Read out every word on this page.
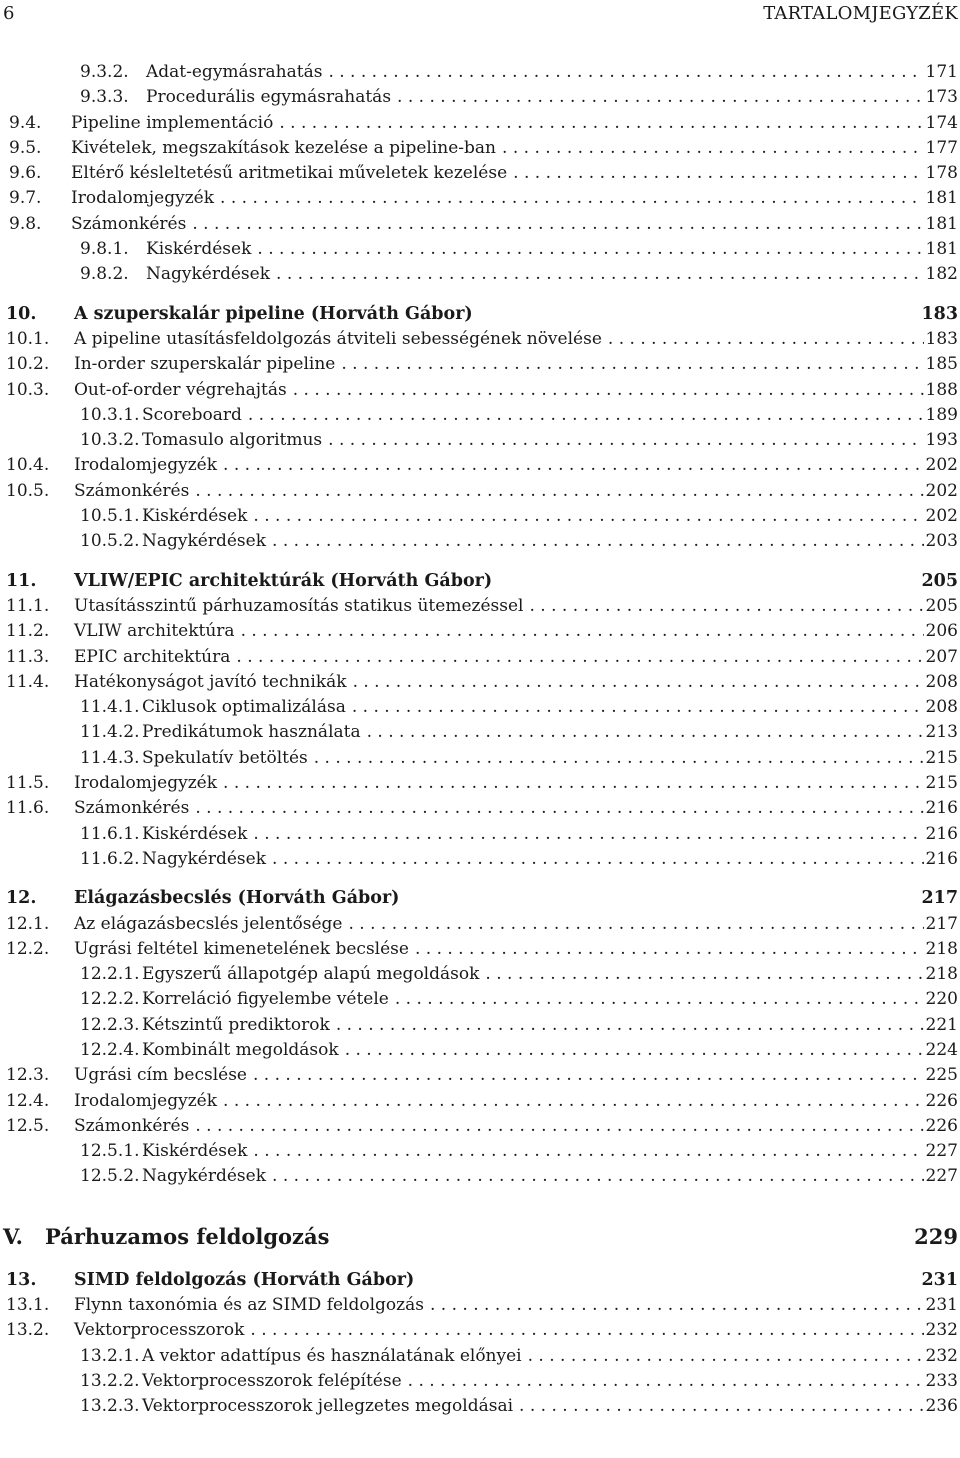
6	TARTALOMJEGYZÉK
9.3.2.	Adat-egymásrahatás . . .	171
9.3.3.	Procedurális egymásrahatás . . .	173
9.4.	Pipeline implementáció . . .	174
9.5.	Kivételek, megszakítások kezelése a pipeline-ban . . .	177
9.6.	Eltérő késleltetésű aritmetikai műveletek kezelése . . .	178
9.7.	Irodalomjegyzék . . .	181
9.8.	Számonkérés . . .	181
9.8.1.	Kiskérdések . . .	181
9.8.2.	Nagykérdések . . .	182
10.	A szuperskalár pipeline (Horváth Gábor)	183
10.1.	A pipeline utasításfeldolgozás átviteli sebességének növelése . . .	183
10.2.	In-order szuperskalár pipeline . . .	185
10.3.	Out-of-order végrehajtás . . .	188
10.3.1. Scoreboard . . .	189
10.3.2. Tomasulo algoritmus . . .	193
10.4.	Irodalomjegyzék . . .	202
10.5.	Számonkérés . . .	202
10.5.1. Kiskérdések . . .	202
10.5.2. Nagykérdések . . .	203
11.	VLIW/EPIC architektúrák (Horváth Gábor)	205
11.1.	Utasításszintű párhuzamosítás statikus ütemezéssel . . .	205
11.2.	VLIW architektúra . . .	206
11.3.	EPIC architektúra . . .	207
11.4.	Hatékonyságot javító technikák . . .	208
11.4.1. Ciklusok optimalizálása . . .	208
11.4.2. Predikátumok használata . . .	213
11.4.3. Spekulatív betöltés . . .	215
11.5.	Irodalomjegyzék . . .	215
11.6.	Számonkérés . . .	216
11.6.1. Kiskérdések . . .	216
11.6.2. Nagykérdések . . .	216
12.	Elágazásbecslés (Horváth Gábor)	217
12.1.	Az elágazásbecslés jelentősége . . .	217
12.2.	Ugrási feltétel kimenetelének becslése . . .	218
12.2.1. Egyszerű állapotgép alapú megoldások . . .	218
12.2.2. Korreláció figyelembe vétele . . .	220
12.2.3. Kétszintű prediktorok . . .	221
12.2.4. Kombinált megoldások . . .	224
12.3.	Ugrási cím becslése . . .	225
12.4.	Irodalomjegyzék . . .	226
12.5.	Számonkérés . . .	226
12.5.1. Kiskérdések . . .	227
12.5.2. Nagykérdések . . .	227
V.	Párhuzamos feldolgozás	229
13.	SIMD feldolgozás (Horváth Gábor)	231
13.1.	Flynn taxonómia és az SIMD feldolgozás . . .	231
13.2.	Vektorprocesszorok . . .	232
13.2.1. A vektor adattípus és használatának előnyei . . .	232
13.2.2. Vektorprocesszorok felépítése . . .	233
13.2.3. Vektorprocesszorok jellegzetes megoldásai . . .	236
